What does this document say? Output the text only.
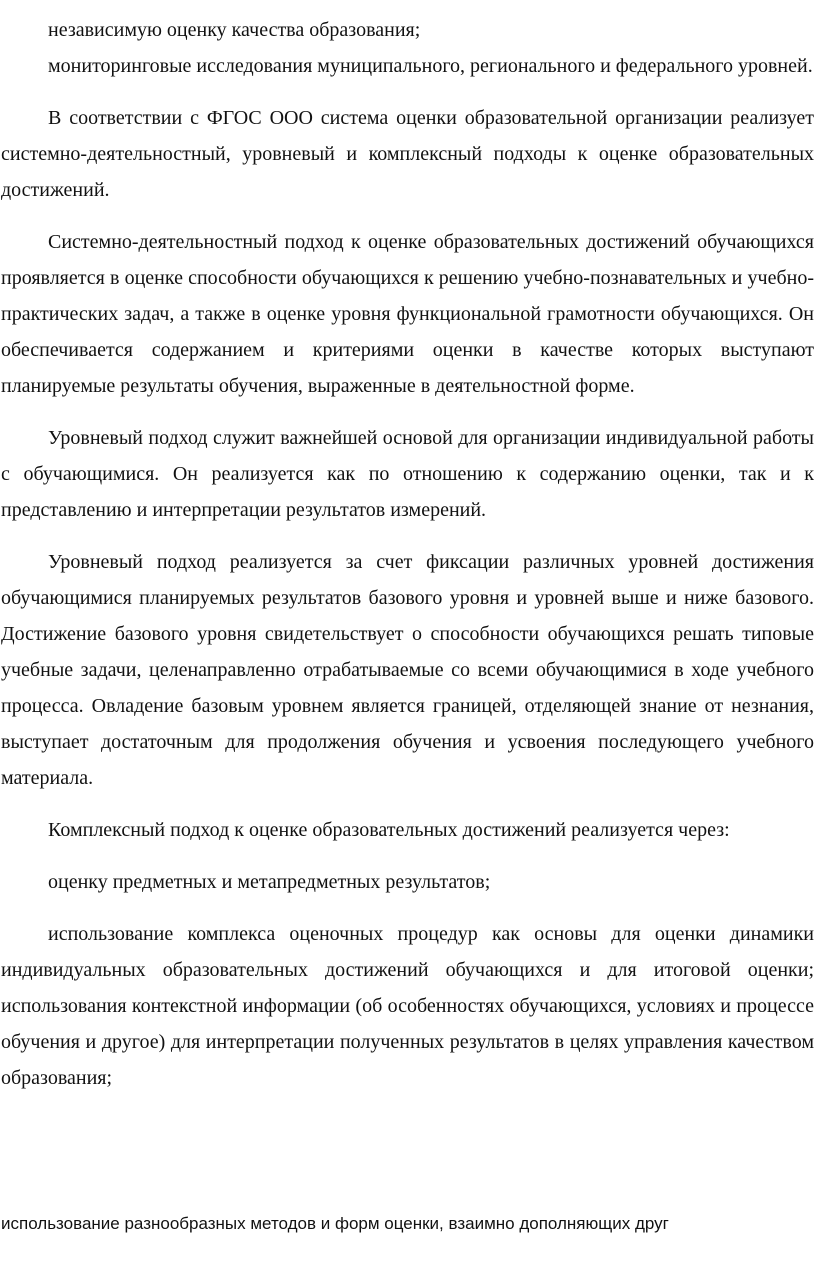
независимую оценку качества образования;

мониторинговые исследования муниципального, регионального и федерального уровней.

В соответствии с ФГОС ООО система оценки образовательной организации реализует системно-деятельностный, уровневый и комплексный подходы к оценке образовательных достижений.

Системно-деятельностный подход к оценке образовательных достижений обучающихся проявляется в оценке способности обучающихся к решению учебно-познавательных и учебно-практических задач, а также в оценке уровня функциональной грамотности обучающихся. Он обеспечивается содержанием и критериями оценки в качестве которых выступают планируемые результаты обучения, выраженные в деятельностной форме.

Уровневый подход служит важнейшей основой для организации индивидуальной работы с обучающимися. Он реализуется как по отношению к содержанию оценки, так и к представлению и интерпретации результатов измерений.

Уровневый подход реализуется за счет фиксации различных уровней достижения обучающимися планируемых результатов базового уровня и уровней выше и ниже базового. Достижение базового уровня свидетельствует о способности обучающихся решать типовые учебные задачи, целенаправленно отрабатываемые со всеми обучающимися в ходе учебного процесса. Овладение базовым уровнем является границей, отделяющей знание от незнания, выступает достаточным для продолжения обучения и усвоения последующего учебного материала.

Комплексный подход к оценке образовательных достижений реализуется через:

оценку предметных и метапредметных результатов;

использование комплекса оценочных процедур как основы для оценки динамики индивидуальных образовательных достижений обучающихся и для итоговой оценки; использования контекстной информации (об особенностях обучающихся, условиях и процессе обучения и другое) для интерпретации полученных результатов в целях управления качеством образования;

использование разнообразных методов и форм оценки, взаимно дополняющих друг
